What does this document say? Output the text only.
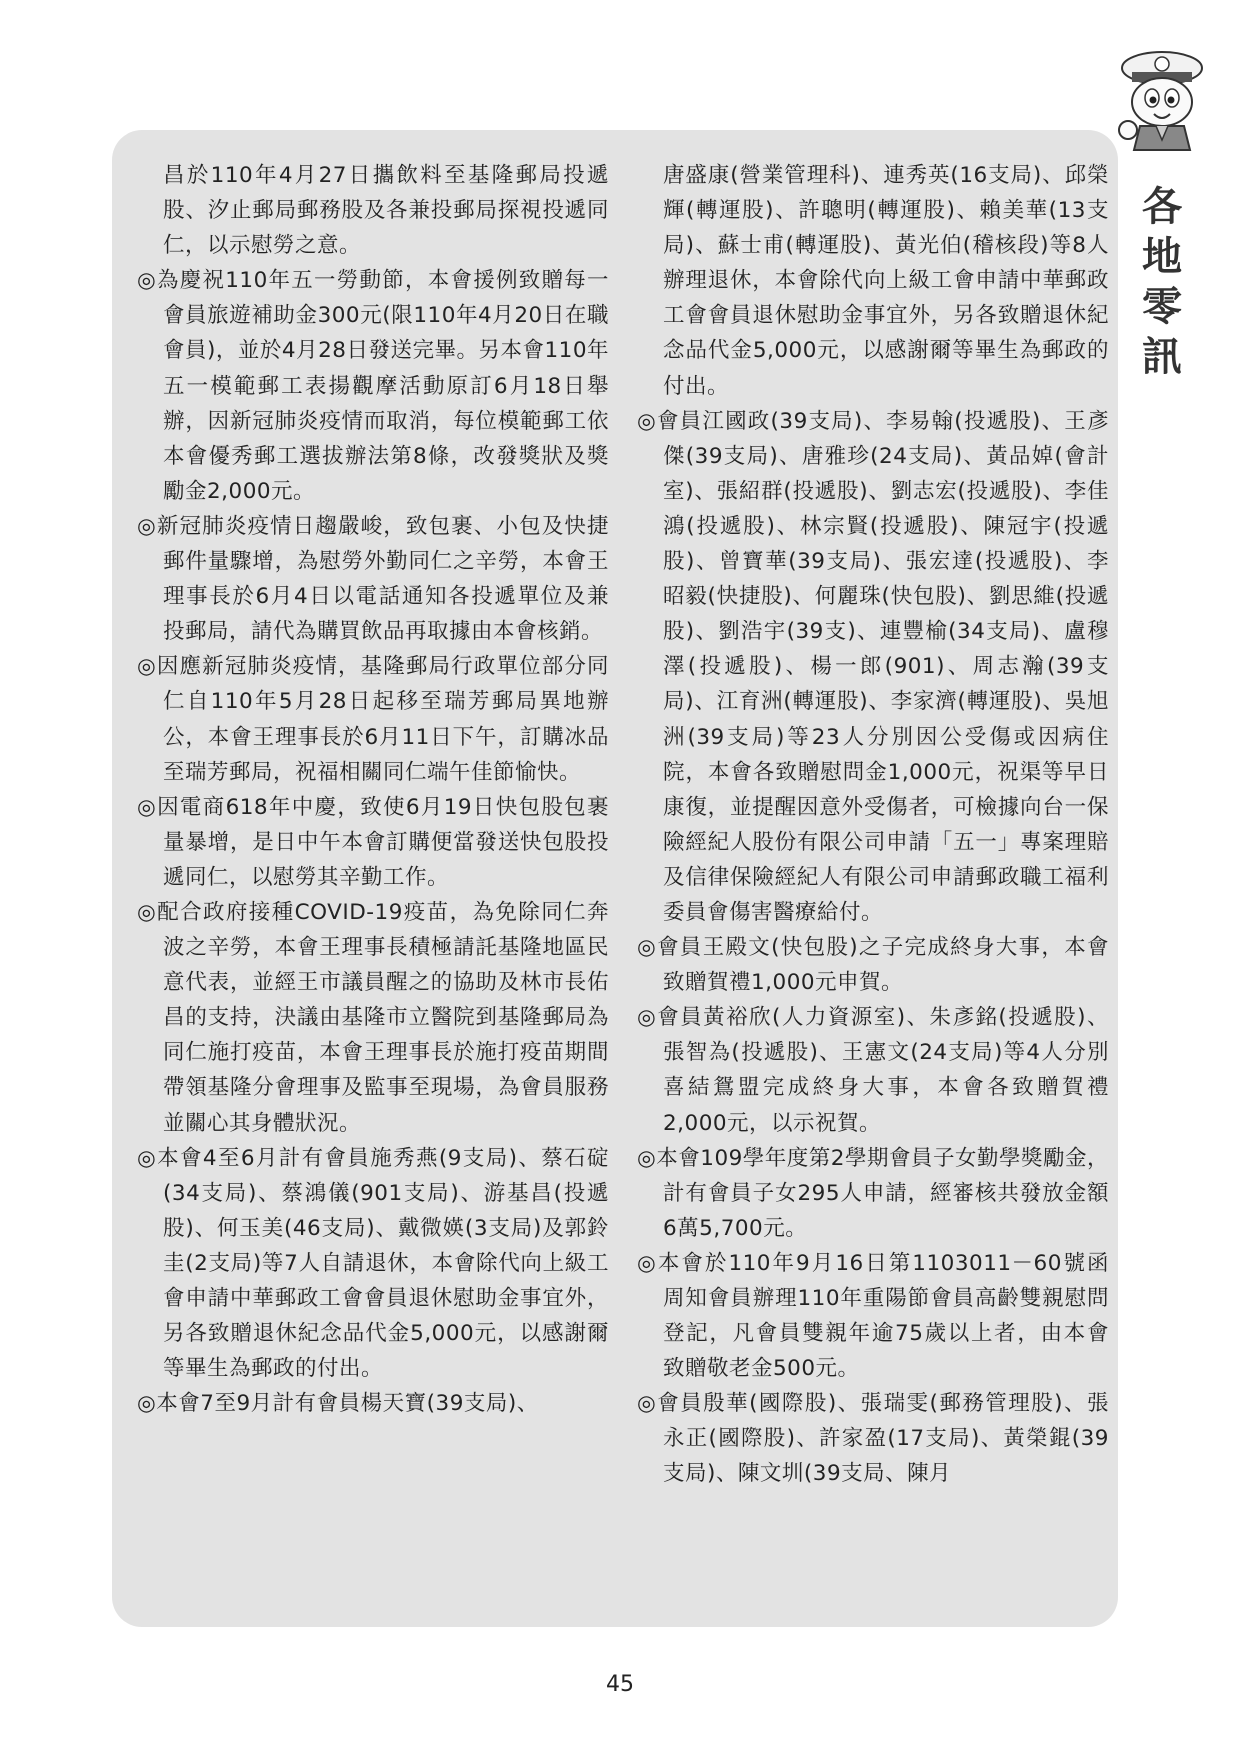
各
地
零
訊

昌於110年4月27日攜飲料至基隆郵局投遞股、汐止郵局郵務股及各兼投郵局探視投遞同仁，以示慰勞之意。

◎為慶祝110年五一勞動節，本會援例致贈每一會員旅遊補助金300元(限110年4月20日在職會員)，並於4月28日發送完畢。另本會110年五一模範郵工表揚觀摩活動原訂6月18日舉辦，因新冠肺炎疫情而取消，每位模範郵工依本會優秀郵工選拔辦法第8條，改發獎狀及獎勵金2,000元。

◎新冠肺炎疫情日趨嚴峻，致包裹、小包及快捷郵件量驟增，為慰勞外勤同仁之辛勞，本會王理事長於6月4日以電話通知各投遞單位及兼投郵局，請代為購買飲品再取據由本會核銷。

◎因應新冠肺炎疫情，基隆郵局行政單位部分同仁自110年5月28日起移至瑞芳郵局異地辦公，本會王理事長於6月11日下午，訂購冰品至瑞芳郵局，祝福相關同仁端午佳節愉快。

◎因電商618年中慶，致使6月19日快包股包裹量暴增，是日中午本會訂購便當發送快包股投遞同仁，以慰勞其辛勤工作。

◎配合政府接種COVID-19疫苗，為免除同仁奔波之辛勞，本會王理事長積極請託基隆地區民意代表，並經王市議員醒之的協助及林市長佑昌的支持，決議由基隆市立醫院到基隆郵局為同仁施打疫苗，本會王理事長於施打疫苗期間帶領基隆分會理事及監事至現場，為會員服務並關心其身體狀況。

◎本會4至6月計有會員施秀燕(9支局)、蔡石碇(34支局)、蔡鴻儀(901支局)、游基昌(投遞股)、何玉美(46支局)、戴微媖(3支局)及郭鈴圭(2支局)等7人自請退休，本會除代向上級工會申請中華郵政工會會員退休慰助金事宜外，另各致贈退休紀念品代金5,000元，以感謝爾等畢生為郵政的付出。

◎本會7至9月計有會員楊天寶(39支局)、

唐盛康(營業管理科)、連秀英(16支局)、邱榮輝(轉運股)、許聰明(轉運股)、賴美華(13支局)、蘇士甫(轉運股)、黃光伯(稽核段)等8人辦理退休，本會除代向上級工會申請中華郵政工會會員退休慰助金事宜外，另各致贈退休紀念品代金5,000元，以感謝爾等畢生為郵政的付出。

◎會員江國政(39支局)、李易翰(投遞股)、王彥傑(39支局)、唐雅珍(24支局)、黃品婥(會計室)、張紹群(投遞股)、劉志宏(投遞股)、李佳鴻(投遞股)、林宗賢(投遞股)、陳冠宇(投遞股)、曾寶華(39支局)、張宏達(投遞股)、李昭毅(快捷股)、何麗珠(快包股)、劉思維(投遞股)、劉浩宇(39支)、連豐榆(34支局)、盧穆澤(投遞股)、楊一郎(901)、周志瀚(39支局)、江育洲(轉運股)、李家濟(轉運股)、吳旭洲(39支局)等23人分別因公受傷或因病住院，本會各致贈慰問金1,000元，祝渠等早日康復，並提醒因意外受傷者，可檢據向台一保險經紀人股份有限公司申請「五一」專案理賠及信律保險經紀人有限公司申請郵政職工福利委員會傷害醫療給付。

◎會員王殿文(快包股)之子完成終身大事，本會致贈賀禮1,000元申賀。

◎會員黃裕欣(人力資源室)、朱彥銘(投遞股)、張智為(投遞股)、王憲文(24支局)等4人分別喜結鴛盟完成終身大事，本會各致贈賀禮2,000元，以示祝賀。

◎本會109學年度第2學期會員子女勤學獎勵金，計有會員子女295人申請，經審核共發放金額6萬5,700元。

◎本會於110年9月16日第1103011－60號函周知會員辦理110年重陽節會員高齡雙親慰問登記，凡會員雙親年逾75歲以上者，由本會致贈敬老金500元。

◎會員殷華(國際股)、張瑞雯(郵務管理股)、張永正(國際股)、許家盈(17支局)、黃榮錕(39支局)、陳文圳(39支局、陳月

45
